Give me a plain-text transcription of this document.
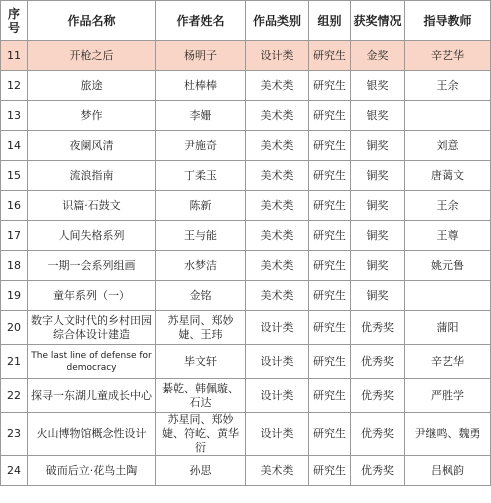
序号	作品名称	作者姓名	作品类别	组别	获奖情况	指导教师
11	开枪之后	杨明子	设计类	研究生	金奖	辛艺华
12	旅途	杜棒棒	美术类	研究生	银奖	王余
13	梦作	李姗	美术类	研究生	银奖	
14	夜阑风清	尹施奇	美术类	研究生	铜奖	刘意
15	流浪指南	丁柔玉	美术类	研究生	铜奖	唐蔼文
16	识篇·石鼓文	陈新	美术类	研究生	铜奖	王余
17	人间失格系列	王与能	美术类	研究生	铜奖	王尊
18	一期一会系列组画	水梦洁	美术类	研究生	铜奖	姚元鲁
19	童年系列（一）	金铭	美术类	研究生	铜奖	
20	数字人文时代的乡村田园综合体设计建造	苏星同、郑妙婕、王玮	设计类	研究生	优秀奖	蒲阳
21	The last line of defense for democracy	毕文轩	设计类	研究生	优秀奖	辛艺华
22	探寻一东湖儿童成长中心	綦乾、韩佩璇、石达	设计类	研究生	优秀奖	严胜学
23	火山博物馆概念性设计	苏星同、郑妙婕、符屹、黄华衍	设计类	研究生	优秀奖	尹继鸣、魏勇
24	破而后立·花鸟土陶	孙思	美术类	研究生	优秀奖	吕枫韵
